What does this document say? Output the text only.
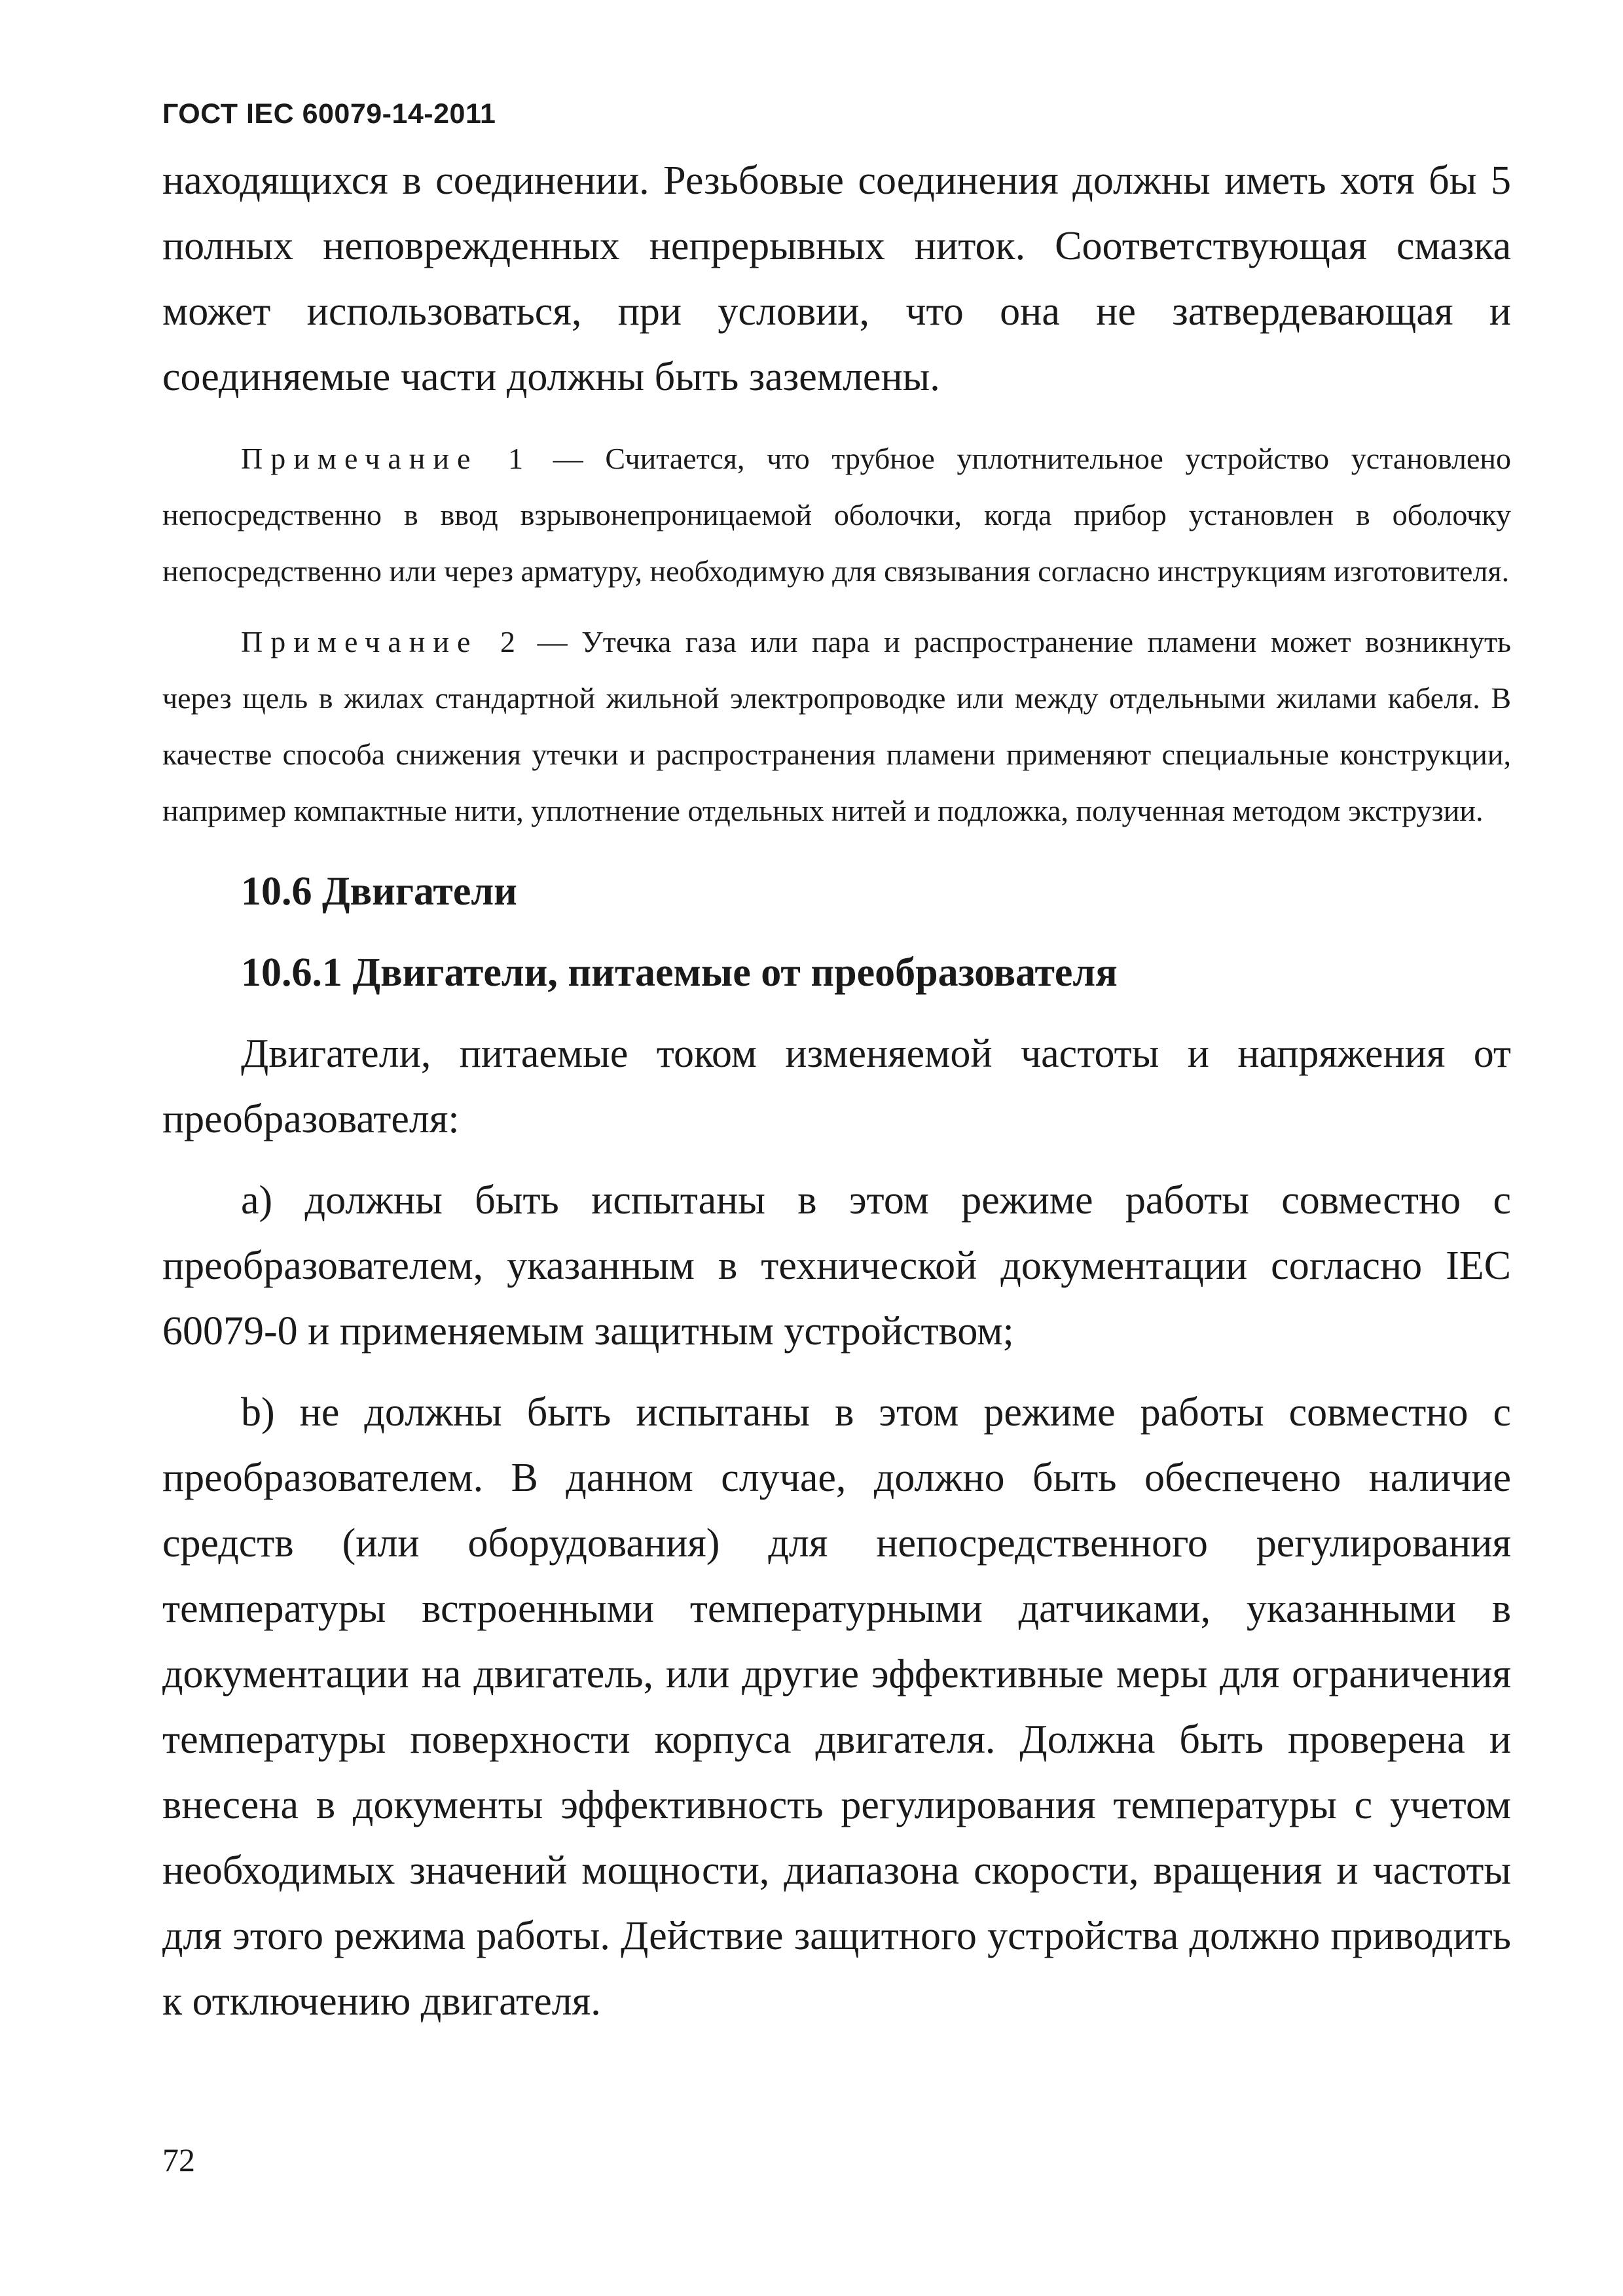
ГОСТ IEC 60079-14-2011

находящихся в соединении. Резьбовые соединения должны иметь хотя бы 5 полных неповрежденных непрерывных ниток. Соответствующая смазка может использоваться, при условии, что она не затвердевающая и соединяемые части должны быть заземлены.

Примечание 1 — Считается, что трубное уплотнительное устройство установлено непосредственно в ввод взрывонепроницаемой оболочки, когда прибор установлен в оболочку непосредственно или через арматуру, необходимую для связывания согласно инструкциям изготовителя.

Примечание 2 — Утечка газа или пара и распространение пламени может возникнуть через щель в жилах стандартной жильной электропроводке или между отдельными жилами кабеля. В качестве способа снижения утечки и распространения пламени применяют специальные конструкции, например компактные нити, уплотнение отдельных нитей и подложка, полученная методом экструзии.

10.6 Двигатели

10.6.1 Двигатели, питаемые от преобразователя

Двигатели, питаемые током изменяемой частоты и напряжения от преобразователя:

а) должны быть испытаны в этом режиме работы совместно с преобразователем, указанным в технической документации согласно IEC 60079-0 и применяемым защитным устройством;

b) не должны быть испытаны в этом режиме работы совместно с преобразователем. В данном случае, должно быть обеспечено наличие средств (или оборудования) для непосредственного регулирования температуры встроенными температурными датчиками, указанными в документации на двигатель, или другие эффективные меры для ограничения температуры поверхности корпуса двигателя. Должна быть проверена и внесена в документы эффективность регулирования температуры с учетом необходимых значений мощности, диапазона скорости, вращения и частоты для этого режима работы. Действие защитного устройства должно приводить к отключению двигателя.

72
